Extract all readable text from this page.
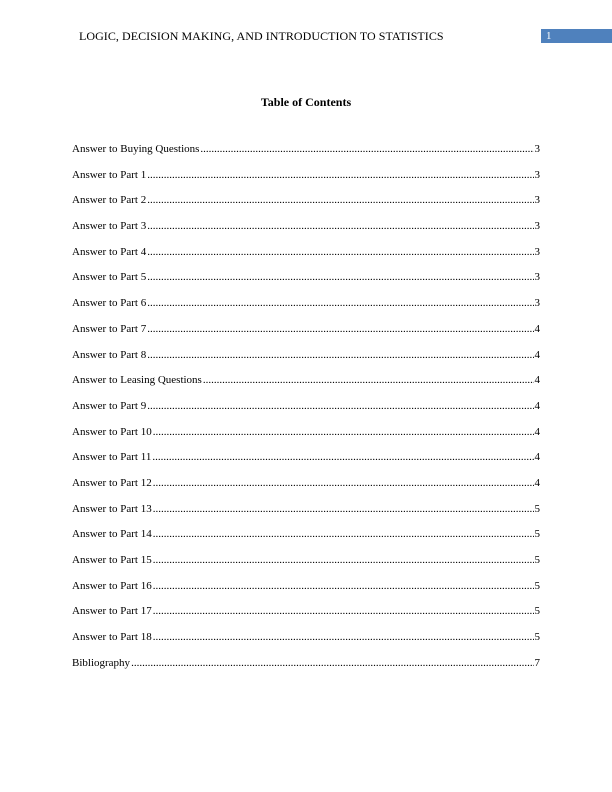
LOGIC, DECISION MAKING, AND INTRODUCTION TO STATISTICS	1
Table of Contents
Answer to Buying Questions .....	3
Answer to Part 1 .....	3
Answer to Part 2 .....	3
Answer to Part 3 .....	3
Answer to Part 4 .....	3
Answer to Part 5 .....	3
Answer to Part 6 .....	3
Answer to Part 7 .....	4
Answer to Part 8 .....	4
Answer to Leasing Questions .....	4
Answer to Part 9 .....	4
Answer to Part 10 .....	4
Answer to Part 11 .....	4
Answer to Part 12 .....	4
Answer to Part 13 .....	5
Answer to Part 14 .....	5
Answer to Part 15 .....	5
Answer to Part 16 .....	5
Answer to Part 17 .....	5
Answer to Part 18 .....	5
Bibliography .....	7
